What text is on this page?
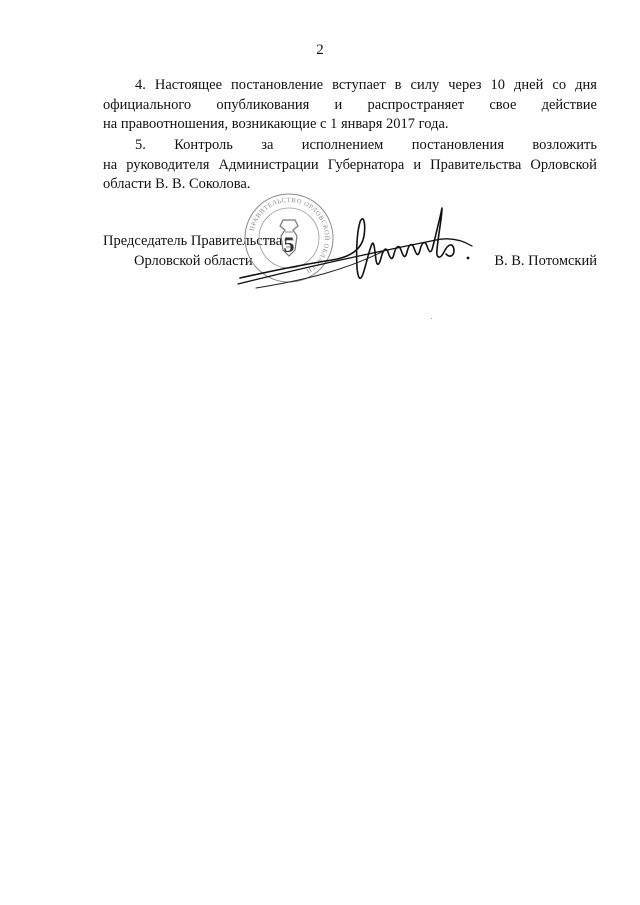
2
4. Настоящее постановление вступает в силу через 10 дней со дня
официального опубликования и распространяет свое действие
на правоотношения, возникающие с 1 января 2017 года.
5. Контроль за исполнением постановления возложить
на руководителя Администрации Губернатора и Правительства Орловской
области В. В. Соколова.
Председатель Правительства
Орловской области	В. В. Потомский
ПРАВИТЕЛЬСТВО ОРЛОВСКОЙ ОБЛАСТИ
5
